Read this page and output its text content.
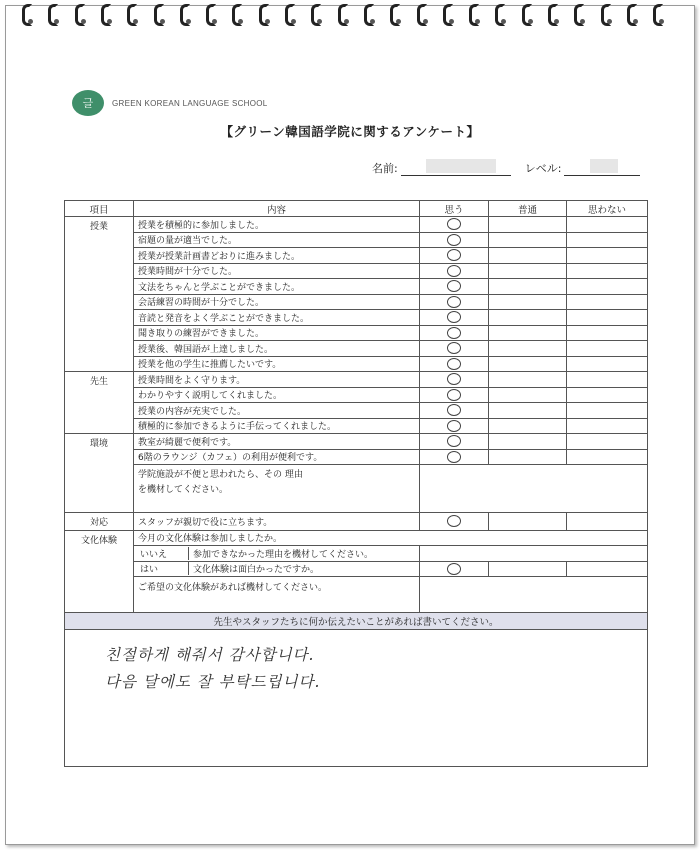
글	GREEN KOREAN LANGUAGE SCHOOL
【グリーン韓国語学院に関するアンケート】
名前:	レベル:
項目	内容	思う	普通	思わない
授業	授業を積極的に参加しました。			
	宿題の量が適当でした。			
	授業が授業計画書どおりに進みました。			
	授業時間が十分でした。			
	文法をちゃんと学ぶことができました。			
	会話練習の時間が十分でした。			
	音読と発音をよく学ぶことができました。			
	聞き取りの練習ができました。			
	授業後、韓国語が上達しました。			
	授業を他の学生に推薦したいです。			
先生	授業時間をよく守ります。			
	わかりやすく説明してくれました。			
	授業の内容が充実でした。			
	積極的に参加できるように手伝ってくれました。			
環境	教室が綺麗で便利です。			
	6階のラウンジ（カフェ）の利用が便利です。			
	学院施設が不便と思われたら、その 理由を機材してください。			
対応	スタッフが親切で役に立ちます。			
文化体験	今月の文化体験は参加しましたか。			
	いいえ 参加できなかった理由を機材してください。			
	はい 文化体験は面白かったですか。			
	ご希望の文化体験があれば機材してください。			
先生やスタッフたちに何か伝えたいことがあれば書いてください。				

친절하게 해줘서 감사합니다.
다음 달에도 잘 부탁드립니다.				
